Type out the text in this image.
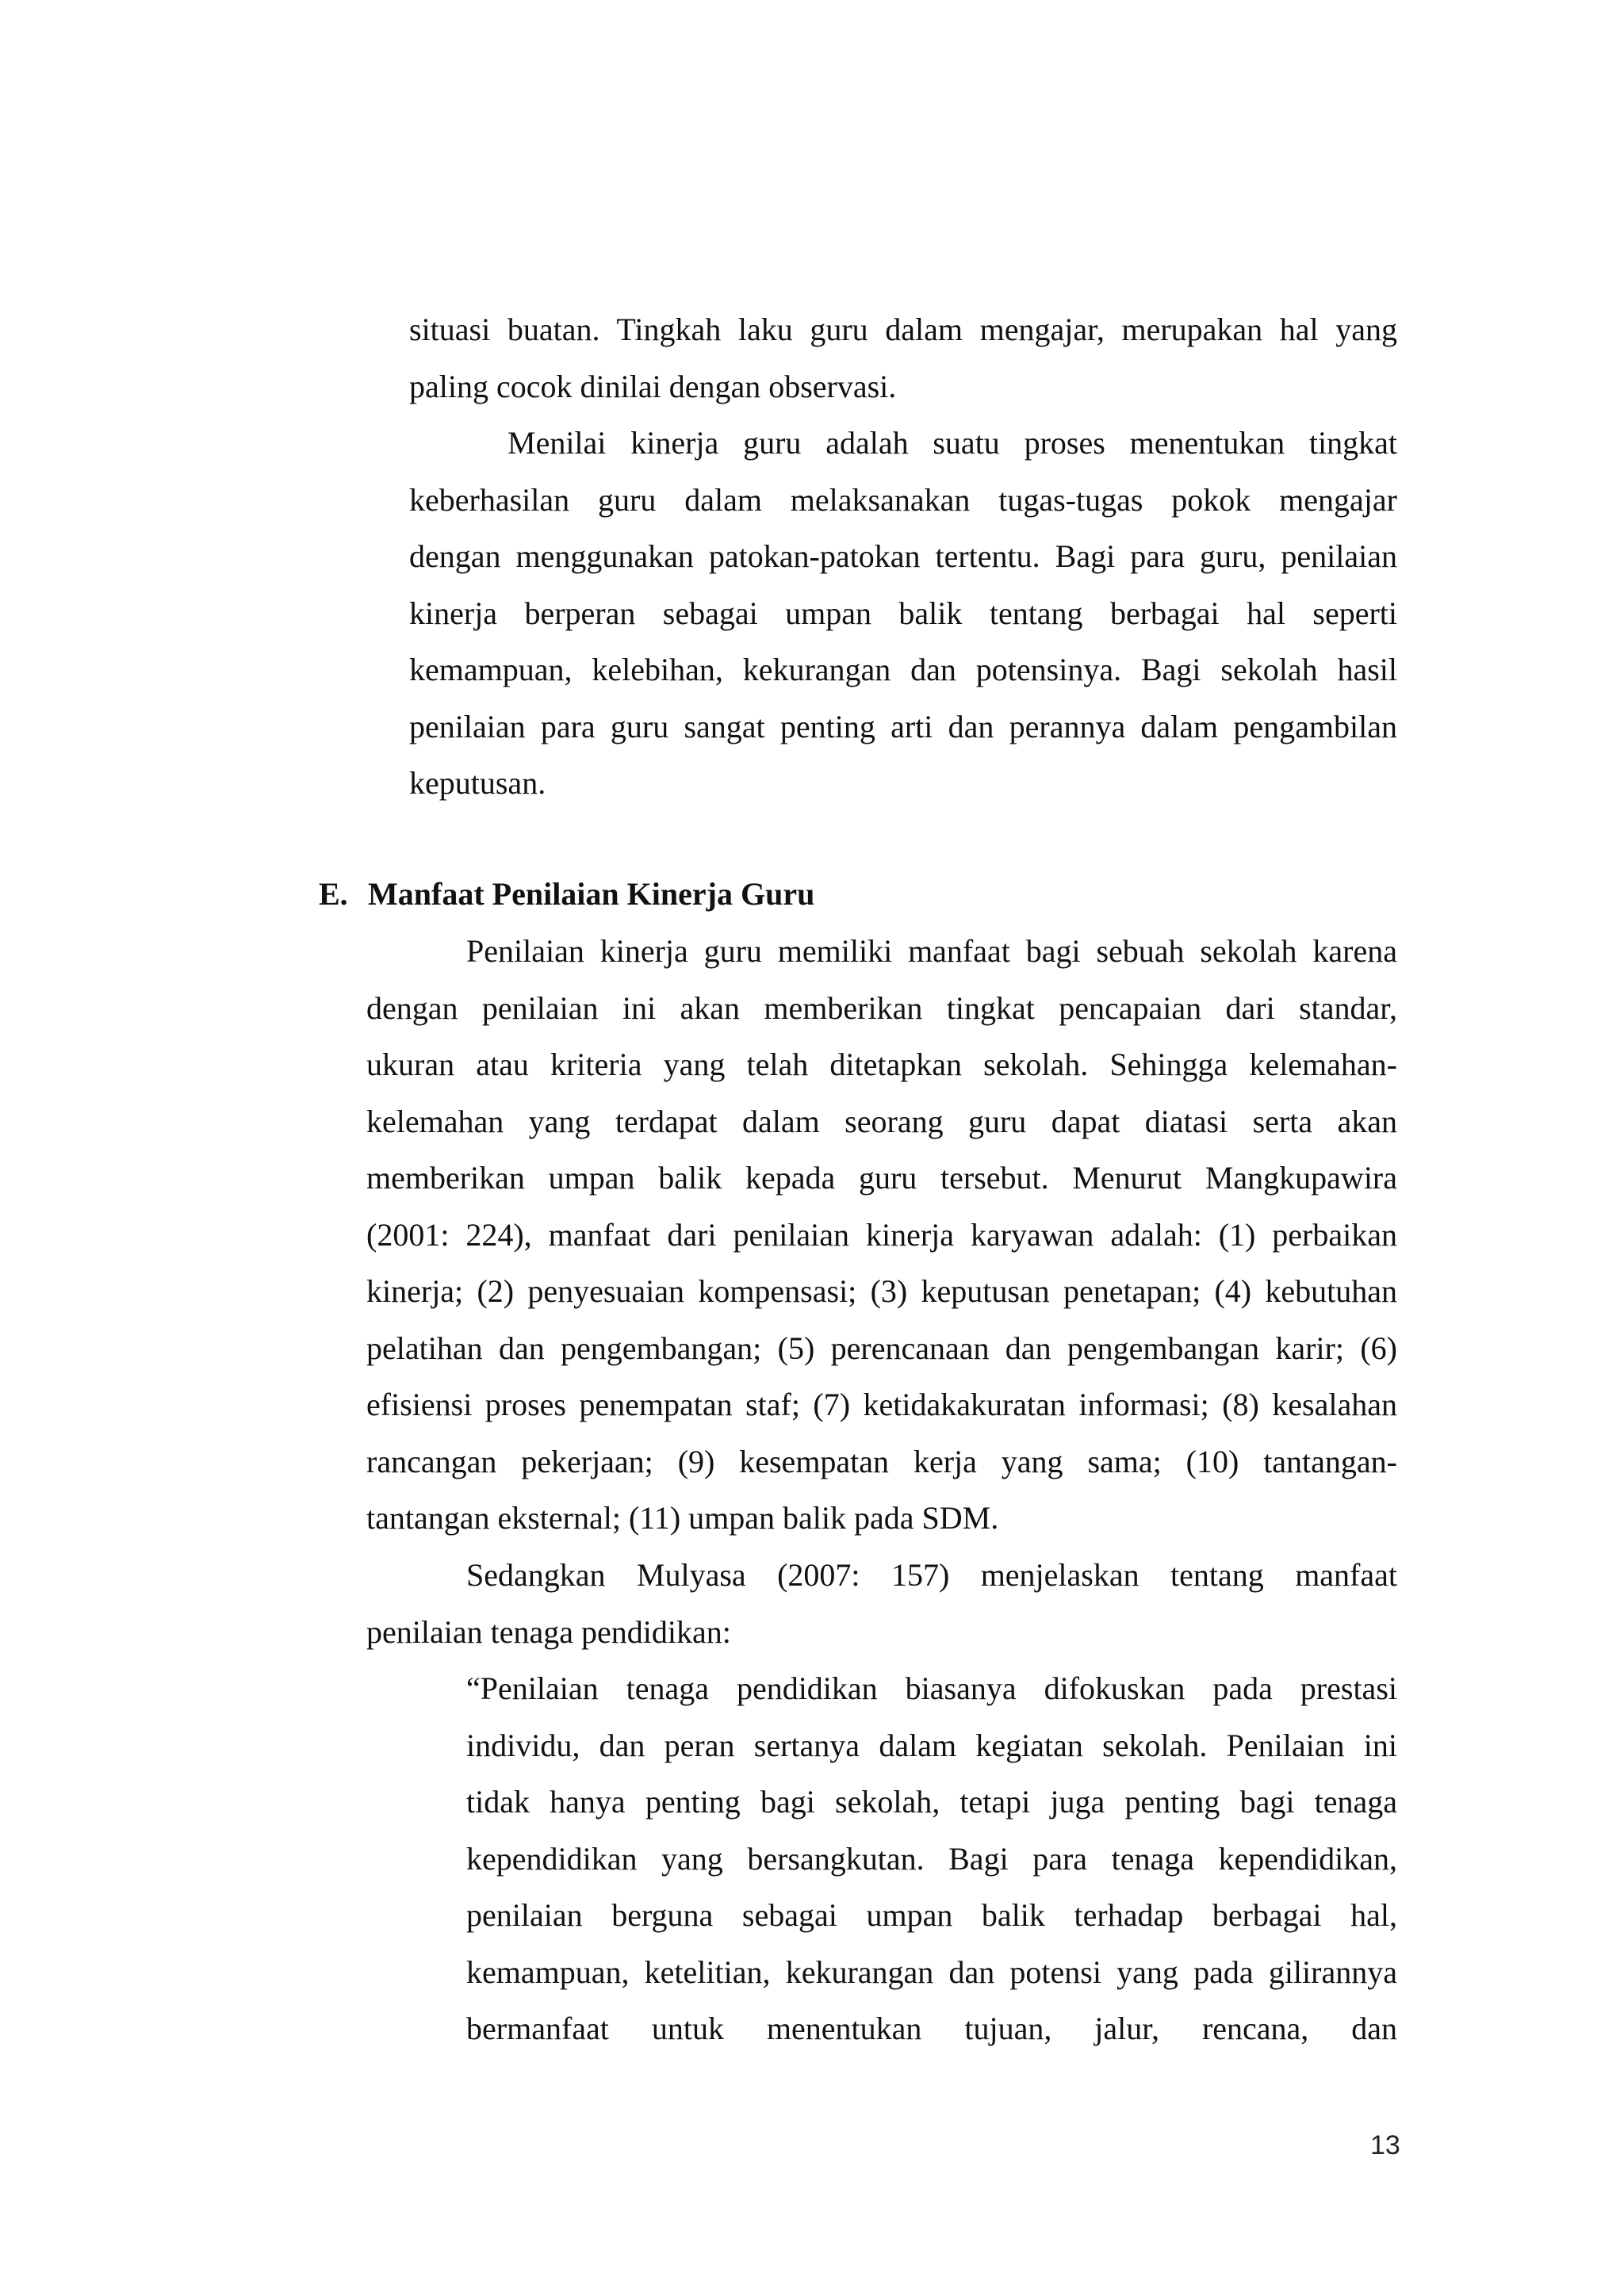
situasi buatan. Tingkah laku guru dalam mengajar, merupakan hal yang
paling cocok dinilai dengan observasi.
Menilai kinerja guru adalah suatu proses menentukan tingkat
keberhasilan guru dalam melaksanakan tugas-tugas pokok mengajar
dengan menggunakan patokan-patokan tertentu. Bagi para guru, penilaian
kinerja berperan sebagai umpan balik tentang berbagai hal seperti
kemampuan, kelebihan, kekurangan dan potensinya. Bagi sekolah hasil
penilaian para guru sangat penting arti dan perannya dalam pengambilan
keputusan.
E. Manfaat Penilaian Kinerja Guru
Penilaian kinerja guru memiliki manfaat bagi sebuah sekolah karena
dengan penilaian ini akan memberikan tingkat pencapaian dari standar,
ukuran atau kriteria yang telah ditetapkan sekolah. Sehingga kelemahan-
kelemahan yang terdapat dalam seorang guru dapat diatasi serta akan
memberikan umpan balik kepada guru tersebut. Menurut Mangkupawira
(2001: 224), manfaat dari penilaian kinerja karyawan adalah: (1) perbaikan
kinerja; (2) penyesuaian kompensasi; (3) keputusan penetapan; (4) kebutuhan
pelatihan dan pengembangan; (5) perencanaan dan pengembangan karir; (6)
efisiensi proses penempatan staf; (7) ketidakakuratan informasi; (8) kesalahan
rancangan pekerjaan; (9) kesempatan kerja yang sama; (10) tantangan-
tantangan eksternal; (11) umpan balik pada SDM.
Sedangkan Mulyasa (2007: 157) menjelaskan tentang manfaat
penilaian tenaga pendidikan:
“Penilaian tenaga pendidikan biasanya difokuskan pada prestasi
individu, dan peran sertanya dalam kegiatan sekolah. Penilaian ini
tidak hanya penting bagi sekolah, tetapi juga penting bagi tenaga
kependidikan yang bersangkutan. Bagi para tenaga kependidikan,
penilaian berguna sebagai umpan balik terhadap berbagai hal,
kemampuan, ketelitian, kekurangan dan potensi yang pada gilirannya
bermanfaat untuk menentukan tujuan, jalur, rencana, dan
13
